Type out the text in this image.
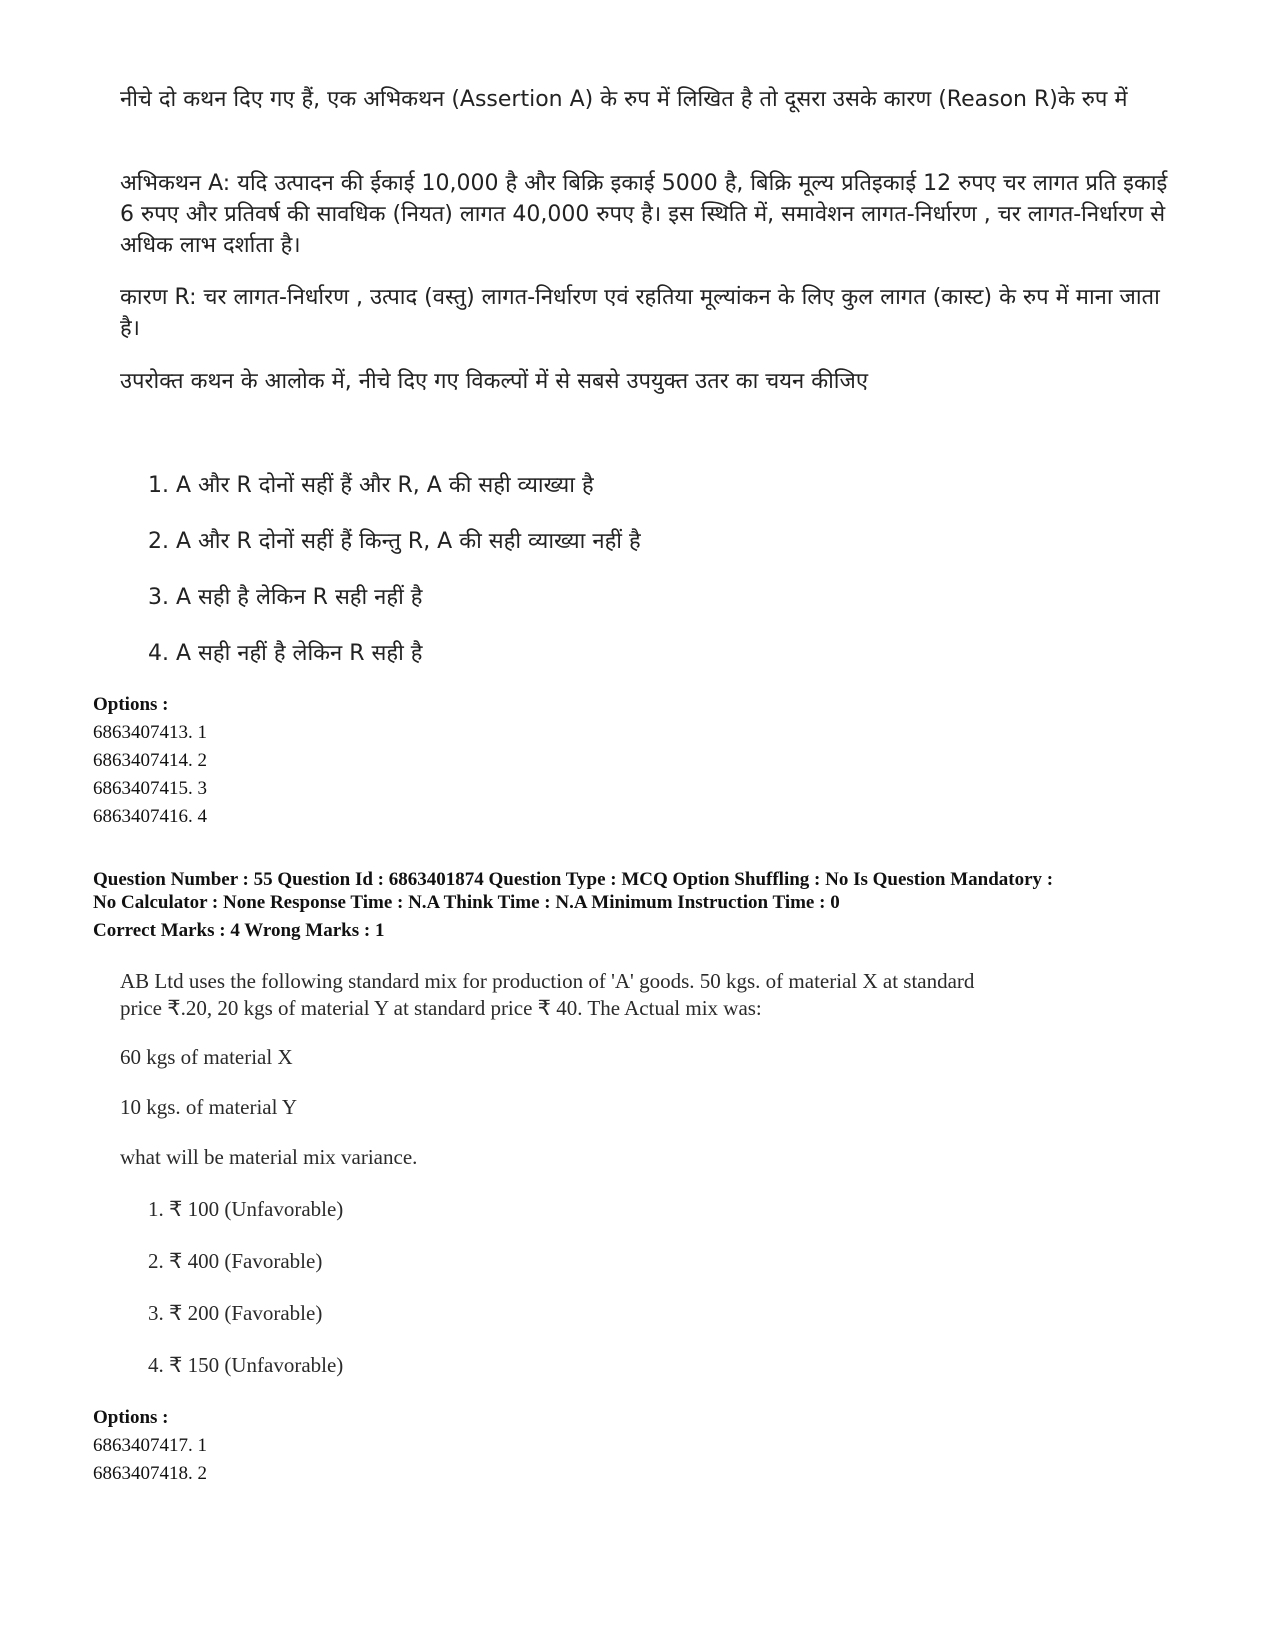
नीचे दो कथन दिए गए हैं, एक अभिकथन (Assertion A) के रुप में लिखित है तो दूसरा उसके कारण (Reason R)के रुप में

अभिकथन A: यदि उत्पादन की ईकाई 10,000 है और बिक्रि इकाई 5000 है, बिक्रि मूल्य प्रतिइकाई 12 रुपए चर लागत प्रति इकाई 6 रुपए और प्रतिवर्ष की सावधिक (नियत) लागत 40,000 रुपए है। इस स्थिति में, समावेशन लागत-निर्धारण , चर लागत-निर्धारण से अधिक लाभ दर्शाता है।

कारण R: चर लागत-निर्धारण , उत्पाद (वस्तु) लागत-निर्धारण एवं रहतिया मूल्यांकन के लिए कुल लागत (कास्ट) के रुप में माना जाता है।

उपरोक्त कथन के आलोक में, नीचे दिए गए विकल्पों में से सबसे उपयुक्त उतर का चयन कीजिए

1. A और R दोनों सहीं हैं और R, A की सही व्याख्या है

2. A और R दोनों सहीं हैं किन्तु R, A की सही व्याख्या नहीं है

3. A सही है लेकिन R सही नहीं है

4. A सही नहीं है लेकिन R सही है

Options :

6863407413. 1

6863407414. 2

6863407415. 3

6863407416. 4

Question Number : 55 Question Id : 6863401874 Question Type : MCQ Option Shuffling : No Is Question Mandatory :

No Calculator : None Response Time : N.A Think Time : N.A Minimum Instruction Time : 0

Correct Marks : 4 Wrong Marks : 1

AB Ltd uses the following standard mix for production of 'A' goods. 50 kgs. of material X at standard

price ₹.20, 20 kgs of material Y at standard price ₹ 40. The Actual mix was:

60 kgs of material X

10 kgs. of material Y

what will be material mix variance.

1. ₹ 100 (Unfavorable)

2. ₹ 400 (Favorable)

3. ₹ 200 (Favorable)

4. ₹ 150 (Unfavorable)

Options :

6863407417. 1

6863407418. 2
